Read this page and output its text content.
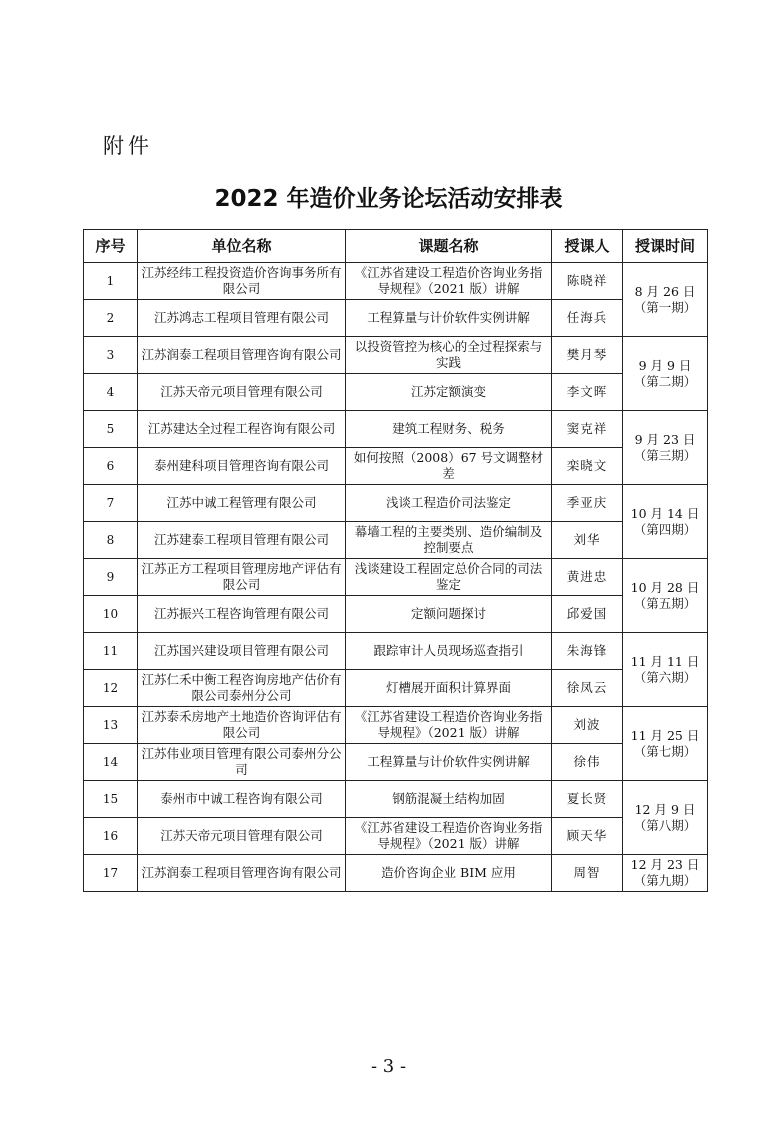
附件
2022 年造价业务论坛活动安排表
序号	单位名称	课题名称	授课人	授课时间
1	江苏经纬工程投资造价咨询事务所有限公司	《江苏省建设工程造价咨询业务指导规程》（2021 版）讲解	陈晓祥	8 月 26 日
（第一期）
2	江苏鸿志工程项目管理有限公司	工程算量与计价软件实例讲解	任海兵	
3	江苏润泰工程项目管理咨询有限公司	以投资管控为核心的全过程探索与实践	樊月琴	9 月 9 日
（第二期）
4	江苏天帝元项目管理有限公司	江苏定额演变	李文晖	
5	江苏建达全过程工程咨询有限公司	建筑工程财务、税务	窦克祥	9 月 23 日
（第三期）
6	泰州建科项目管理咨询有限公司	如何按照（2008）67 号文调整材差	栾晓文	
7	江苏中诚工程管理有限公司	浅谈工程造价司法鉴定	季亚庆	10 月 14 日
（第四期）
8	江苏建泰工程项目管理有限公司	幕墙工程的主要类别、造价编制及控制要点	刘华	
9	江苏正方工程项目管理房地产评估有限公司	浅谈建设工程固定总价合同的司法鉴定	黄进忠	10 月 28 日
（第五期）
10	江苏振兴工程咨询管理有限公司	定额问题探讨	邱爱国	
11	江苏国兴建设项目管理有限公司	跟踪审计人员现场巡查指引	朱海锋	11 月 11 日
（第六期）
12	江苏仁禾中衡工程咨询房地产估价有限公司泰州分公司	灯槽展开面积计算界面	徐凤云	
13	江苏泰禾房地产土地造价咨询评估有限公司	《江苏省建设工程造价咨询业务指导规程》（2021 版）讲解	刘波	11 月 25 日
（第七期）
14	江苏伟业项目管理有限公司泰州分公司	工程算量与计价软件实例讲解	徐伟	
15	泰州市中诚工程咨询有限公司	钢筋混凝土结构加固	夏长贤	12 月 9 日
（第八期）
16	江苏天帝元项目管理有限公司	《江苏省建设工程造价咨询业务指导规程》（2021 版）讲解	顾天华	
17	江苏润泰工程项目管理咨询有限公司	造价咨询企业 BIM 应用	周智	12 月 23 日
（第九期）
- 3 -
